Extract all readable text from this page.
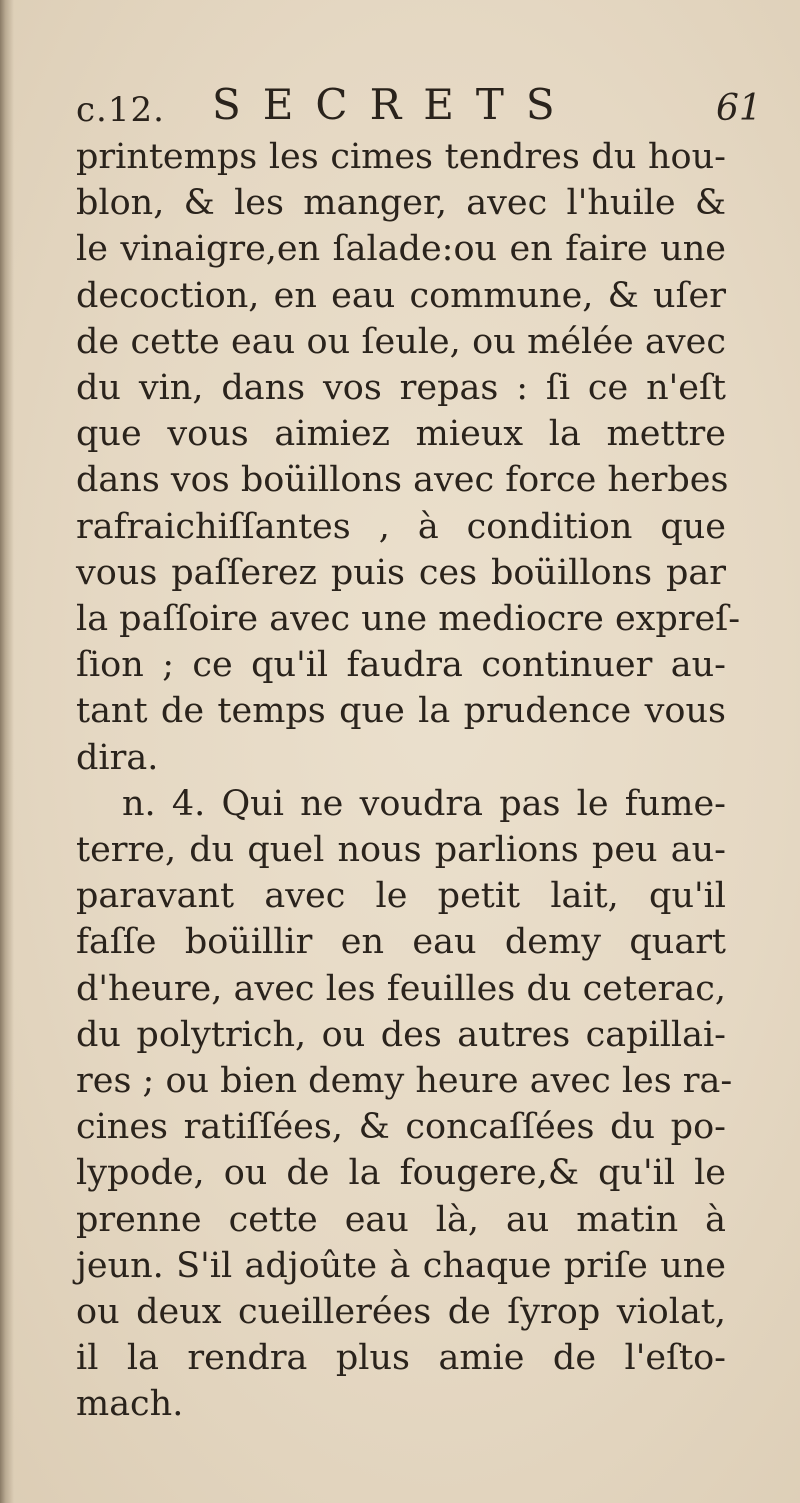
c.12. SECRETS	61
printemps les cimes tendres du hou-
blon, & les manger, avec l'huile &
le vinaigre,en ſalade:ou en faire une
decoction, en eau commune, & uſer
de cette eau ou ſeule, ou mélée avec
du vin, dans vos repas : ſi ce n'eſt
que vous aimiez mieux la mettre
dans vos boüillons avec force herbes
rafraichiſſantes , à condition que
vous paſſerez puis ces boüillons par
la paſſoire avec une mediocre expreſ-
ſion ; ce qu'il faudra continuer au-
tant de temps que la prudence vous
dira.
n. 4. Qui ne voudra pas le fume-
terre, du quel nous parlions peu au-
paravant avec le petit lait, qu'il
faſſe boüillir en eau demy quart
d'heure, avec les feuilles du ceterac,
du polytrich, ou des autres capillai-
res ; ou bien demy heure avec les ra-
cines ratiſſées, & concaſſées du po-
lypode, ou de la fougere,& qu'il le
prenne cette eau là, au matin à
jeun. S'il adjoûte à chaque priſe une
ou deux cueillerées de ſyrop violat,
il la rendra plus amie de l'eſto-
mach.
